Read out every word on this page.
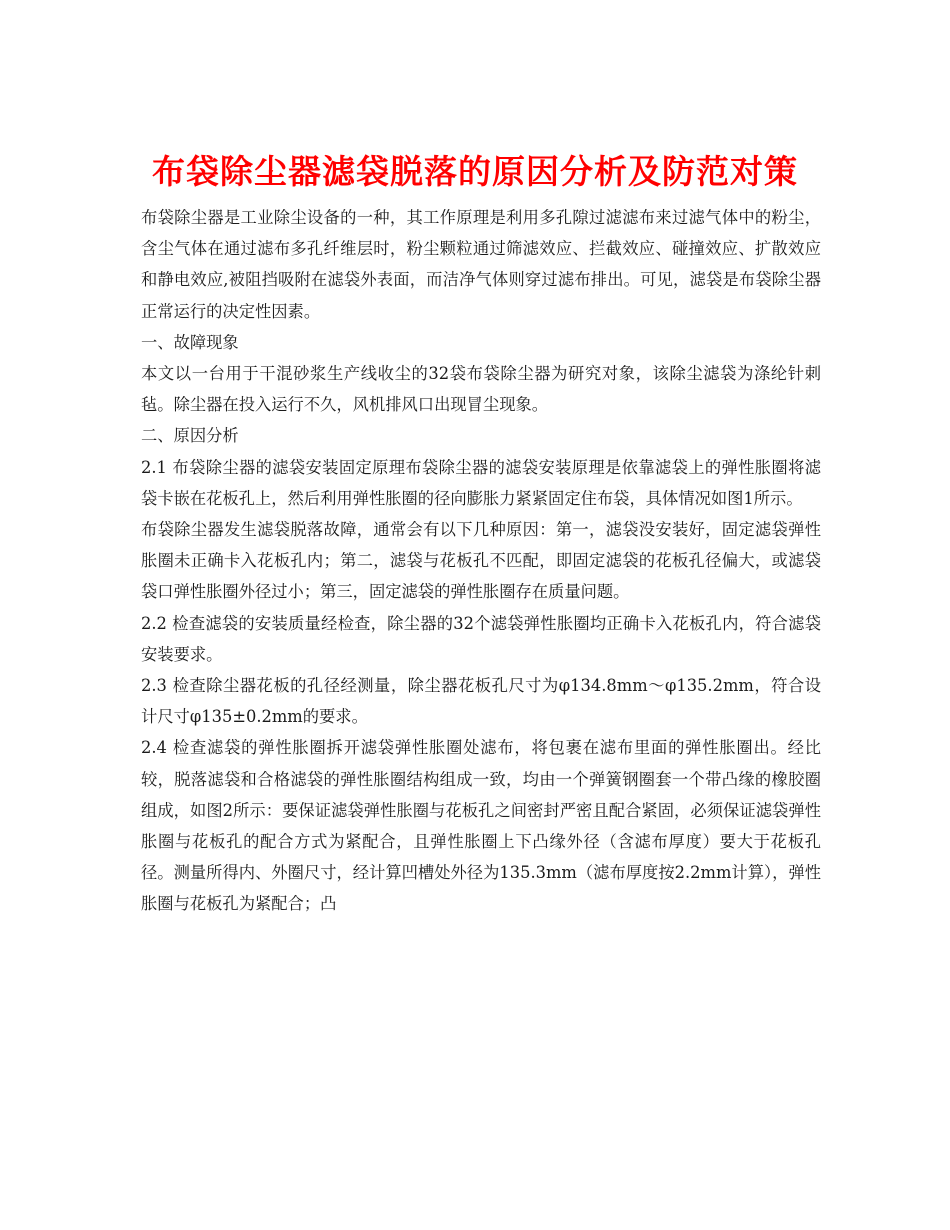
布袋除尘器滤袋脱落的原因分析及防范对策

布袋除尘器是工业除尘设备的一种，其工作原理是利用多孔隙过滤滤布来过滤气体中的粉尘，含尘气体在通过滤布多孔纤维层时，粉尘颗粒通过筛滤效应、拦截效应、碰撞效应、扩散效应和静电效应,被阻挡吸附在滤袋外表面，而洁净气体则穿过滤布排出。可见，滤袋是布袋除尘器正常运行的决定性因素。

一、故障现象

本文以一台用于干混砂浆生产线收尘的32袋布袋除尘器为研究对象，该除尘滤袋为涤纶针刺毡。除尘器在投入运行不久，风机排风口出现冒尘现象。

二、原因分析

2.1 布袋除尘器的滤袋安装固定原理布袋除尘器的滤袋安装原理是依靠滤袋上的弹性胀圈将滤袋卡嵌在花板孔上，然后利用弹性胀圈的径向膨胀力紧紧固定住布袋，具体情况如图1所示。

布袋除尘器发生滤袋脱落故障，通常会有以下几种原因：第一，滤袋没安装好，固定滤袋弹性胀圈未正确卡入花板孔内；第二，滤袋与花板孔不匹配，即固定滤袋的花板孔径偏大，或滤袋袋口弹性胀圈外径过小；第三，固定滤袋的弹性胀圈存在质量问题。

2.2 检查滤袋的安装质量经检查，除尘器的32个滤袋弹性胀圈均正确卡入花板孔内，符合滤袋安装要求。

2.3 检查除尘器花板的孔径经测量，除尘器花板孔尺寸为φ134.8mm～φ135.2mm，符合设计尺寸φ135±0.2mm的要求。

2.4 检查滤袋的弹性胀圈拆开滤袋弹性胀圈处滤布，将包裹在滤布里面的弹性胀圈出。经比较，脱落滤袋和合格滤袋的弹性胀圈结构组成一致，均由一个弹簧钢圈套一个带凸缘的橡胶圈组成，如图2所示：要保证滤袋弹性胀圈与花板孔之间密封严密且配合紧固，必须保证滤袋弹性胀圈与花板孔的配合方式为紧配合，且弹性胀圈上下凸缘外径（含滤布厚度）要大于花板孔径。测量所得内、外圈尺寸，经计算凹槽处外径为135.3mm（滤布厚度按2.2mm计算），弹性胀圈与花板孔为紧配合；凸
